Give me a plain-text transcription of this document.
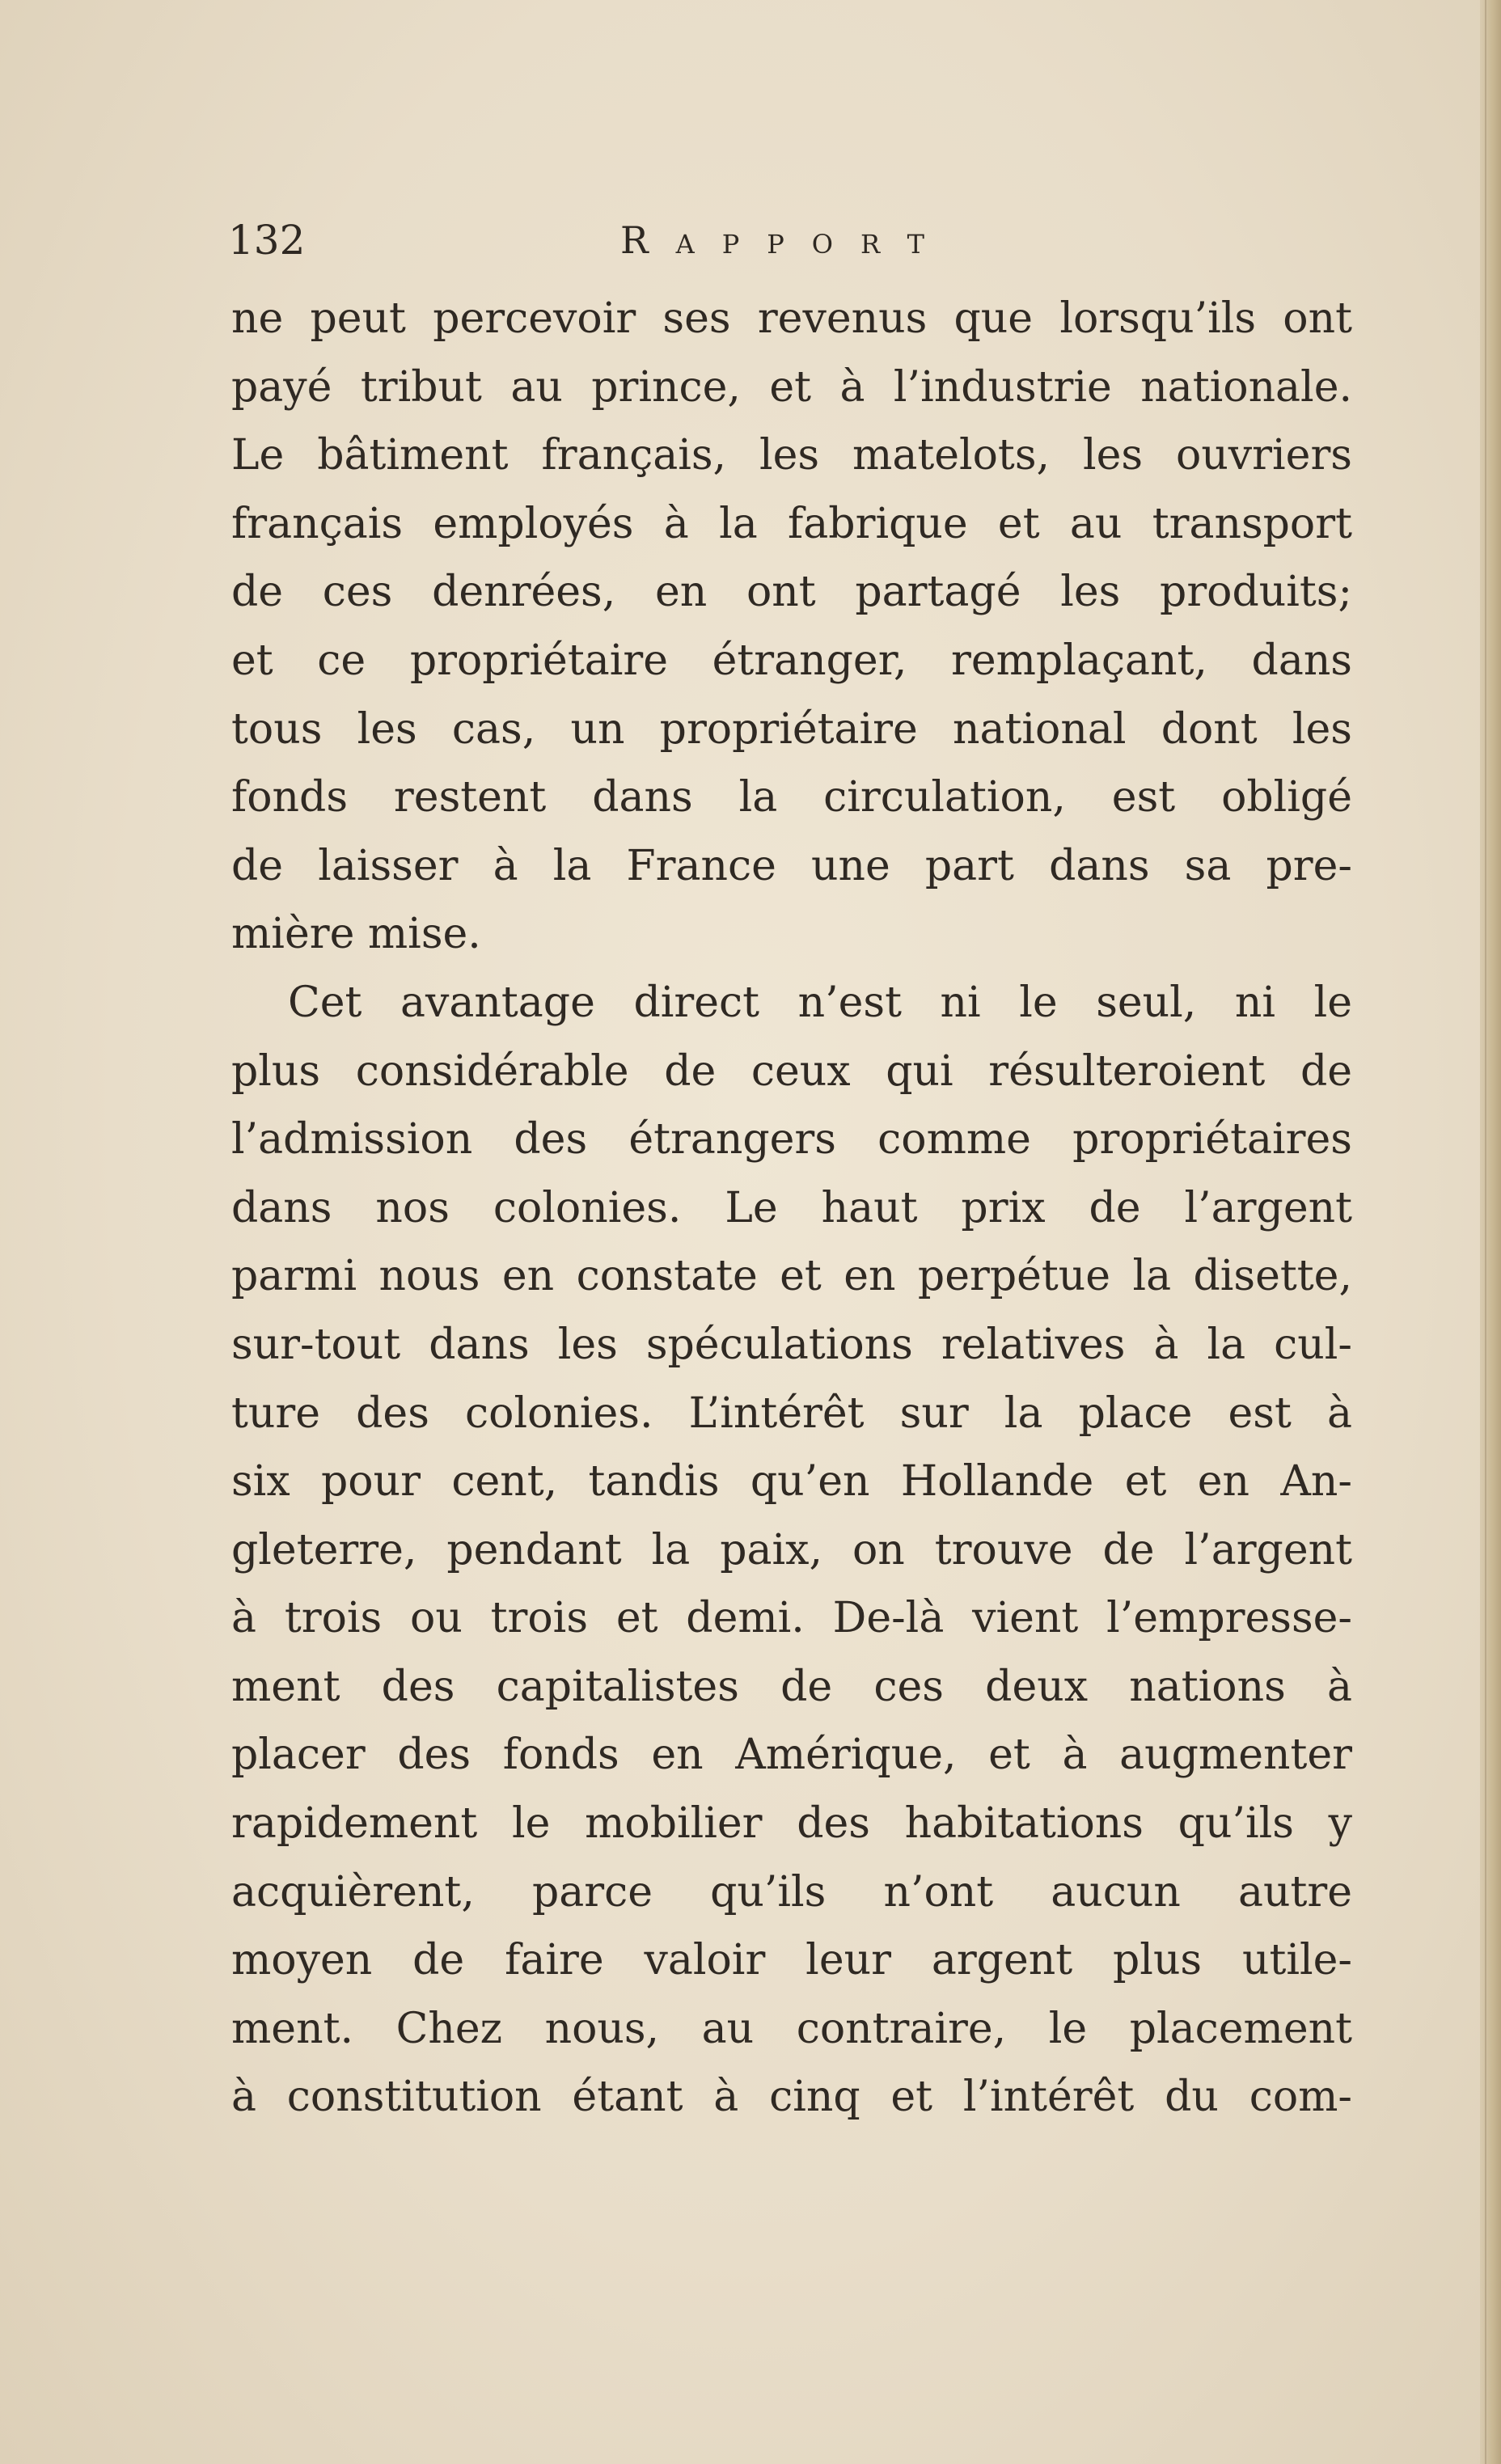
132	Rapport
ne peut percevoir ses revenus que lorsqu’ils ont
payé tribut au prince, et à l’industrie nationale.
Le bâtiment français, les matelots, les ouvriers
français employés à la fabrique et au transport
de ces denrées, en ont partagé les produits;
et ce propriétaire étranger, remplaçant, dans
tous les cas, un propriétaire national dont les
fonds restent dans la circulation, est obligé
de laisser à la France une part dans sa pre-
mière mise.
Cet avantage direct n’est ni le seul, ni le
plus considérable de ceux qui résulteroient de
l’admission des étrangers comme propriétaires
dans nos colonies. Le haut prix de l’argent
parmi nous en constate et en perpétue la disette,
sur-tout dans les spéculations relatives à la cul-
ture des colonies. L’intérêt sur la place est à
six pour cent, tandis qu’en Hollande et en An-
gleterre, pendant la paix, on trouve de l’argent
à trois ou trois et demi. De-là vient l’empresse-
ment des capitalistes de ces deux nations à
placer des fonds en Amérique, et à augmenter
rapidement le mobilier des habitations qu’ils y
acquièrent, parce qu’ils n’ont aucun autre
moyen de faire valoir leur argent plus utile-
ment. Chez nous, au contraire, le placement
à constitution étant à cinq et l’intérêt du com-
